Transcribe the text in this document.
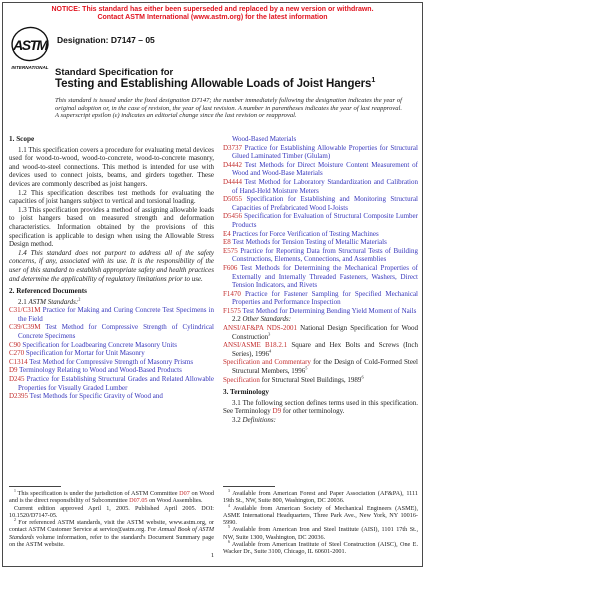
NOTICE: This standard has either been superseded and replaced by a new version or withdrawn.
Contact ASTM International (www.astm.org) for the latest information
ASTM
INTERNATIONAL
Designation: D7147 – 05

Standard Specification for

Testing and Establishing Allowable Loads of Joist Hangers$^1$

This standard is issued under the fixed designation D7147; the number immediately following the designation indicates the year of original adoption or, in the case of revision, the year of last revision. A number in parentheses indicates the year of last reapproval. A superscript epsilon (ε) indicates an editorial change since the last revision or reapproval.

1. Scope

1.1 This specification covers a procedure for evaluating metal devices used for wood-to-wood, wood-to-concrete, wood-to-concrete masonry, and wood-to-steel connections. This method is intended for use with devices used to connect joists, beams, and girders together. These devices are commonly described as joist hangers.

1.2 This specification describes test methods for evaluating the capacities of joist hangers subject to vertical and torsional loading.

1.3 This specification provides a method of assigning allowable loads to joist hangers based on measured strength and deformation characteristics. Information obtained by the provisions of this specification is applicable to design when using the Allowable Stress Design method.

1.4 This standard does not purport to address all of the safety concerns, if any, associated with its use. It is the responsibility of the user of this standard to establish appropriate safety and health practices and determine the applicability of regulatory limitations prior to use.

2. Referenced Documents

2.1 ASTM Standards:$^2$

C31/C31M Practice for Making and Curing Concrete Test Specimens in the Field

C39/C39M Test Method for Compressive Strength of Cylindrical Concrete Specimens

C90 Specification for Loadbearing Concrete Masonry Units

C270 Specification for Mortar for Unit Masonry

C1314 Test Method for Compressive Strength of Masonry Prisms

D9 Terminology Relating to Wood and Wood-Based Products

D245 Practice for Establishing Structural Grades and Related Allowable Properties for Visually Graded Lumber

D2395 Test Methods for Specific Gravity of Wood and

Wood-Based Materials

D3737 Practice for Establishing Allowable Properties for Structural Glued Laminated Timber (Glulam)

D4442 Test Methods for Direct Moisture Content Measurement of Wood and Wood-Base Materials

D4444 Test Method for Laboratory Standardization and Calibration of Hand-Held Moisture Meters

D5055 Specification for Establishing and Monitoring Structural Capacities of Prefabricated Wood I-Joists

D5456 Specification for Evaluation of Structural Composite Lumber Products

E4 Practices for Force Verification of Testing Machines

E8 Test Methods for Tension Testing of Metallic Materials

E575 Practice for Reporting Data from Structural Tests of Building Constructions, Elements, Connections, and Assemblies

F606 Test Methods for Determining the Mechanical Properties of Externally and Internally Threaded Fasteners, Washers, Direct Tension Indicators, and Rivets

F1470 Practice for Fastener Sampling for Specified Mechanical Properties and Performance Inspection

F1575 Test Method for Determining Bending Yield Moment of Nails

2.2 Other Standards:

ANSI/AF&PA NDS-2001 National Design Specification for Wood Construction$^3$

ANSI/ASME B18.2.1 Square and Hex Bolts and Screws (Inch Series), 1996$^4$

Specification and Commentary for the Design of Cold-Formed Steel Structural Members, 1996$^5$

Specification for Structural Steel Buildings, 1989$^6$

3. Terminology

3.1 The following section defines terms used in this specification. See Terminology D9 for other terminology.

3.2 Definitions:

$^1$ This specification is under the jurisdiction of ASTM Committee D07 on Wood and is the direct responsibility of Subcommittee D07.05 on Wood Assemblies.

Current edition approved April 1, 2005. Published April 2005. DOI: 10.1520/D7147-05.

$^2$ For referenced ASTM standards, visit the ASTM website, www.astm.org, or contact ASTM Customer Service at service@astm.org. For Annual Book of ASTM Standards volume information, refer to the standard's Document Summary page on the ASTM website.

$^3$ Available from American Forest and Paper Association (AF&PA), 1111 19th St., NW, Suite 800, Washington, DC 20036.

$^4$ Available from American Society of Mechanical Engineers (ASME), ASME International Headquarters, Three Park Ave., New York, NY 10016-5990.

$^5$ Available from American Iron and Steel Institute (AISI), 1101 17th St., NW, Suite 1300, Washington, DC 20036.

$^6$ Available from American Institute of Steel Construction (AISC), One E. Wacker Dr., Suite 3100, Chicago, IL 60601-2001.

1
